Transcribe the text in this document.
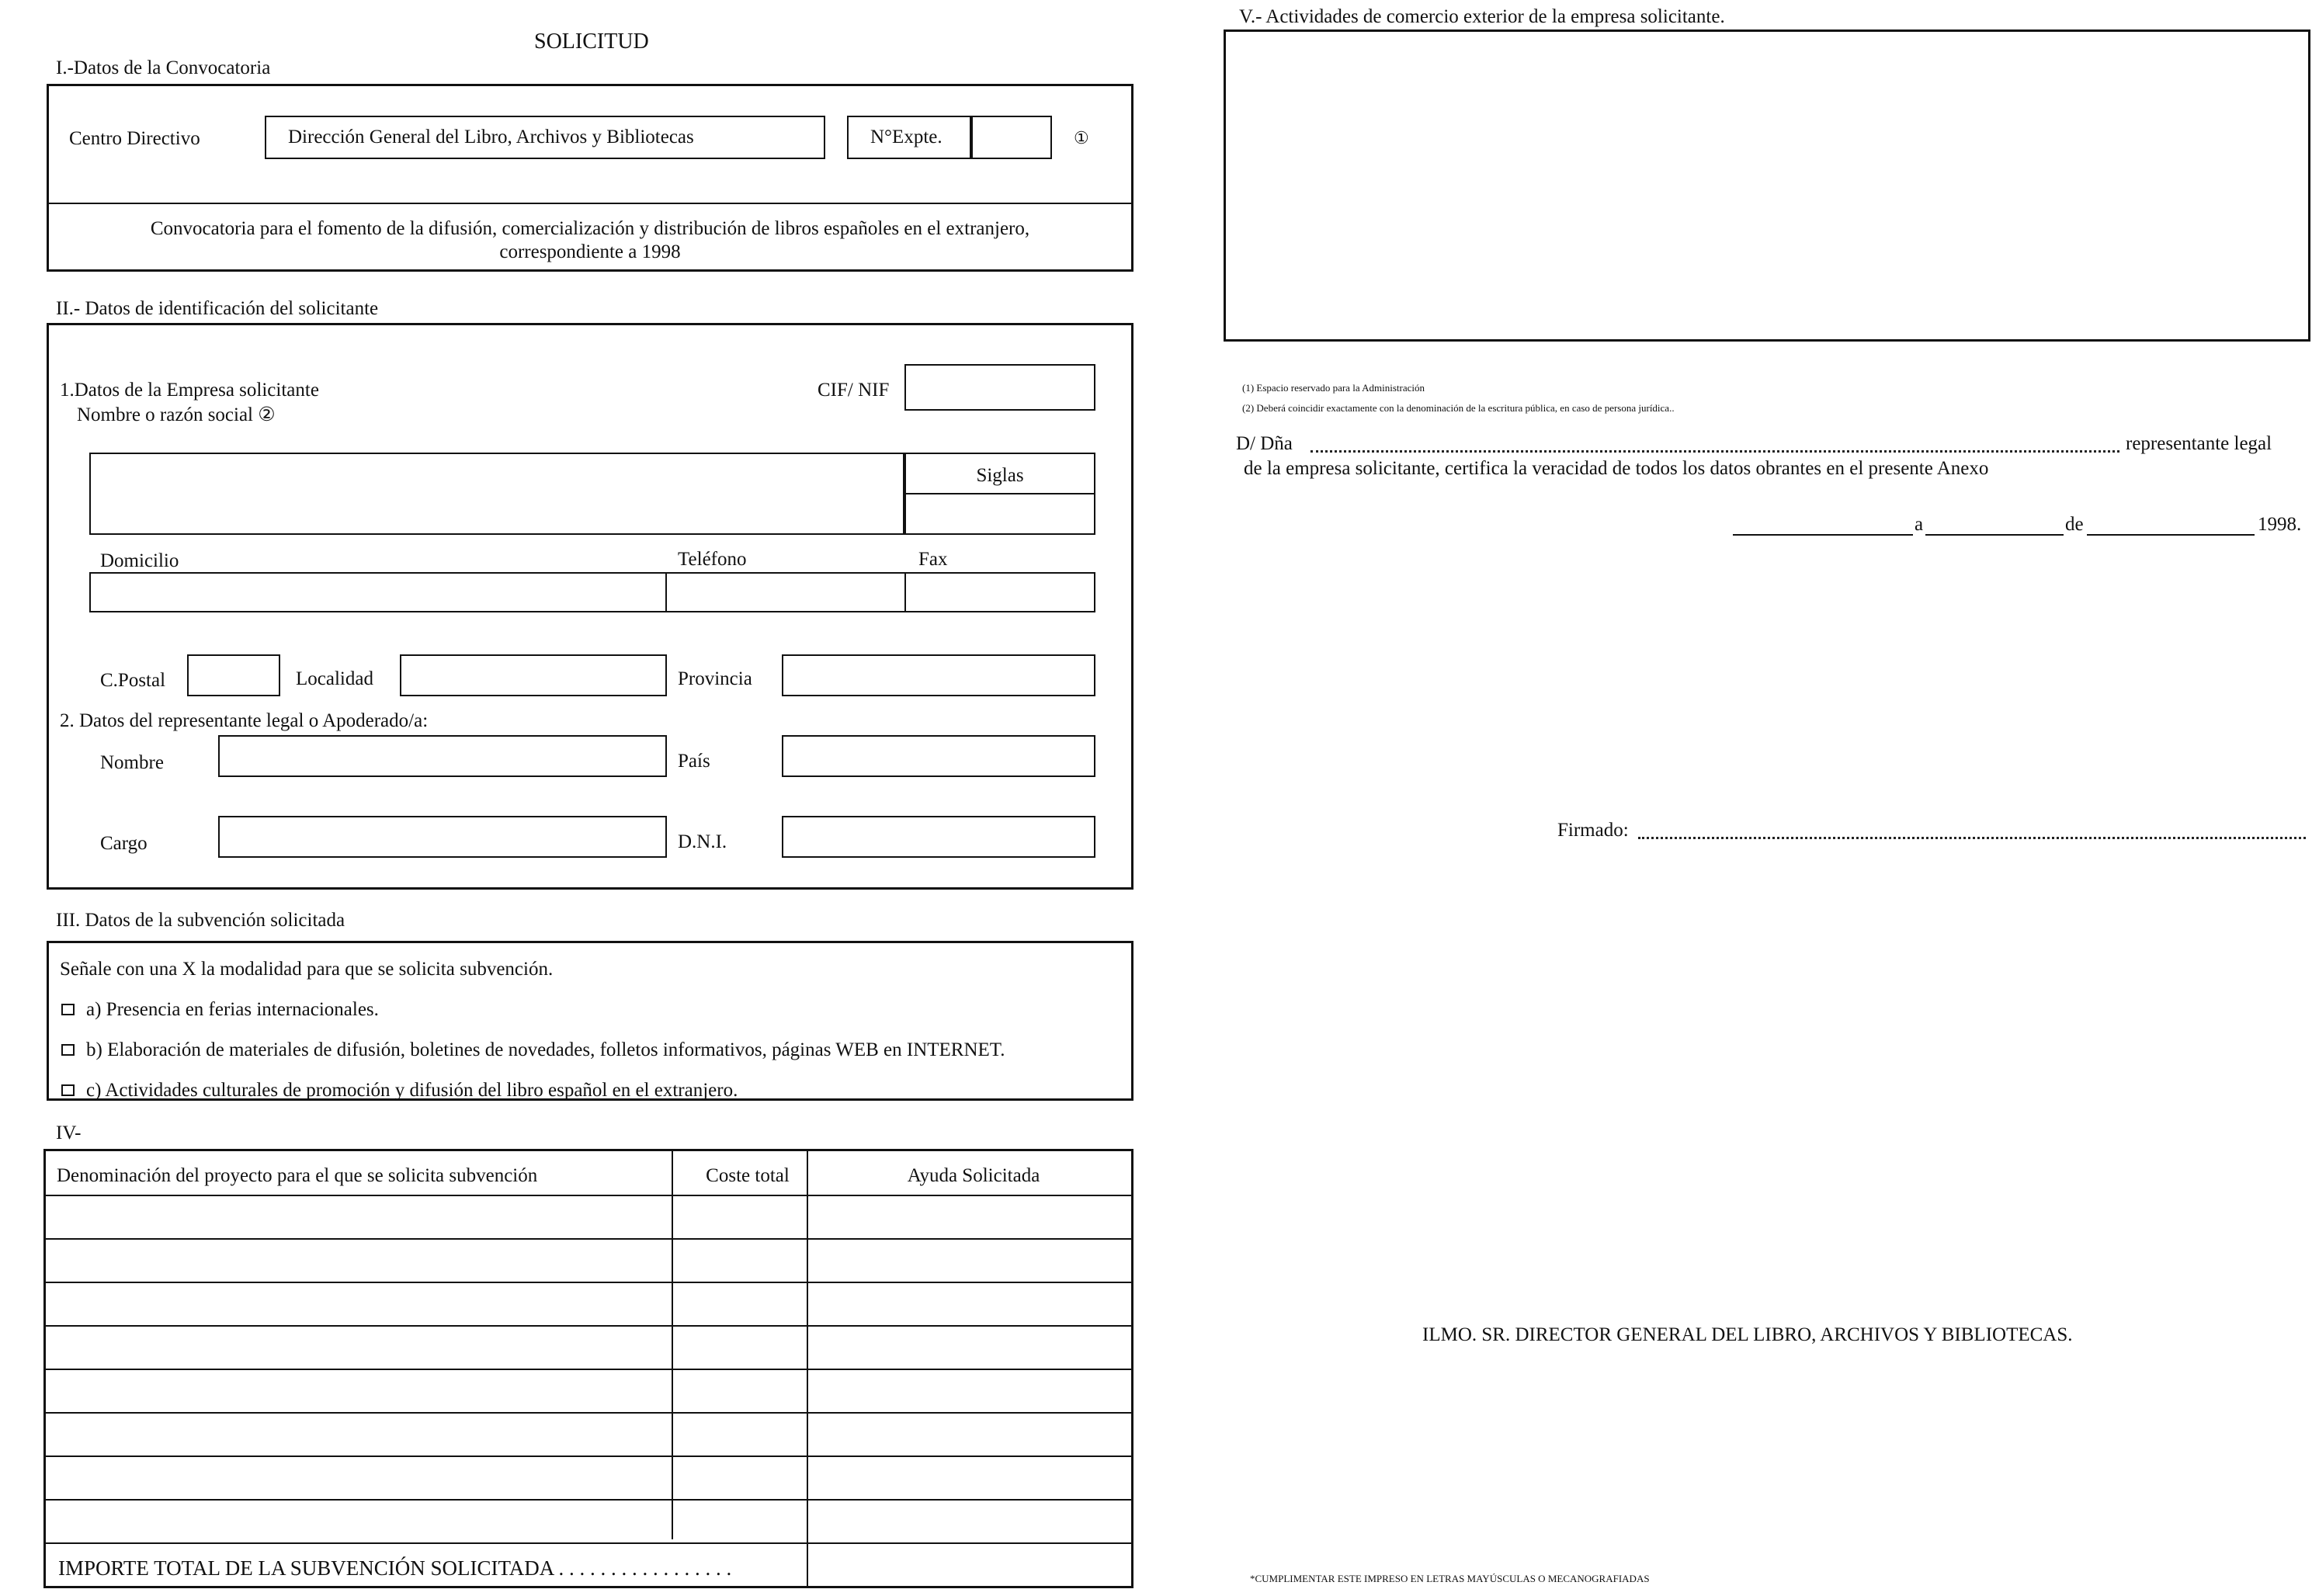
SOLICITUD
I.-Datos de la Convocatoria
Centro Directivo	Dirección General del Libro, Archivos y Bibliotecas	N°Expte.	①
Convocatoria para el fomento de la difusión, comercialización y distribución de libros españoles en el extranjero,
correspondiente a 1998
II.- Datos de identificación del solicitante
1.Datos de la Empresa solicitante
Nombre o razón social ②
CIF/ NIF
Siglas
Domicilio	Teléfono	Fax
C.Postal	Localidad	Provincia
2. Datos del representante legal o Apoderado/a:
Nombre	País
Cargo	D.N.I.
III. Datos de la subvención solicitada
Señale con una X la modalidad para que se solicita subvención.
a) Presencia en ferias internacionales.
b) Elaboración de materiales de difusión, boletines de novedades, folletos informativos, páginas WEB en INTERNET.
c) Actividades culturales de promoción y difusión del libro español en el extranjero.
IV-
Denominación del proyecto para el que se solicita subvención	Coste total	Ayuda Solicitada
IMPORTE TOTAL DE LA SUBVENCIÓN SOLICITADA . . . . . . . . . . . . . . . . .
V.- Actividades de comercio exterior de la empresa solicitante.
(1) Espacio reservado para la Administración
(2) Deberá coincidir exactamente con la denominación de la escritura pública, en caso de persona jurídica..
D/ Dña	representante legal
de la empresa solicitante, certifica la veracidad de todos los datos obrantes en el presente Anexo
a	de	1998.
Firmado:
ILMO. SR. DIRECTOR GENERAL DEL LIBRO, ARCHIVOS Y BIBLIOTECAS.
*CUMPLIMENTAR ESTE IMPRESO EN LETRAS MAYÚSCULAS O MECANOGRAFIADAS
